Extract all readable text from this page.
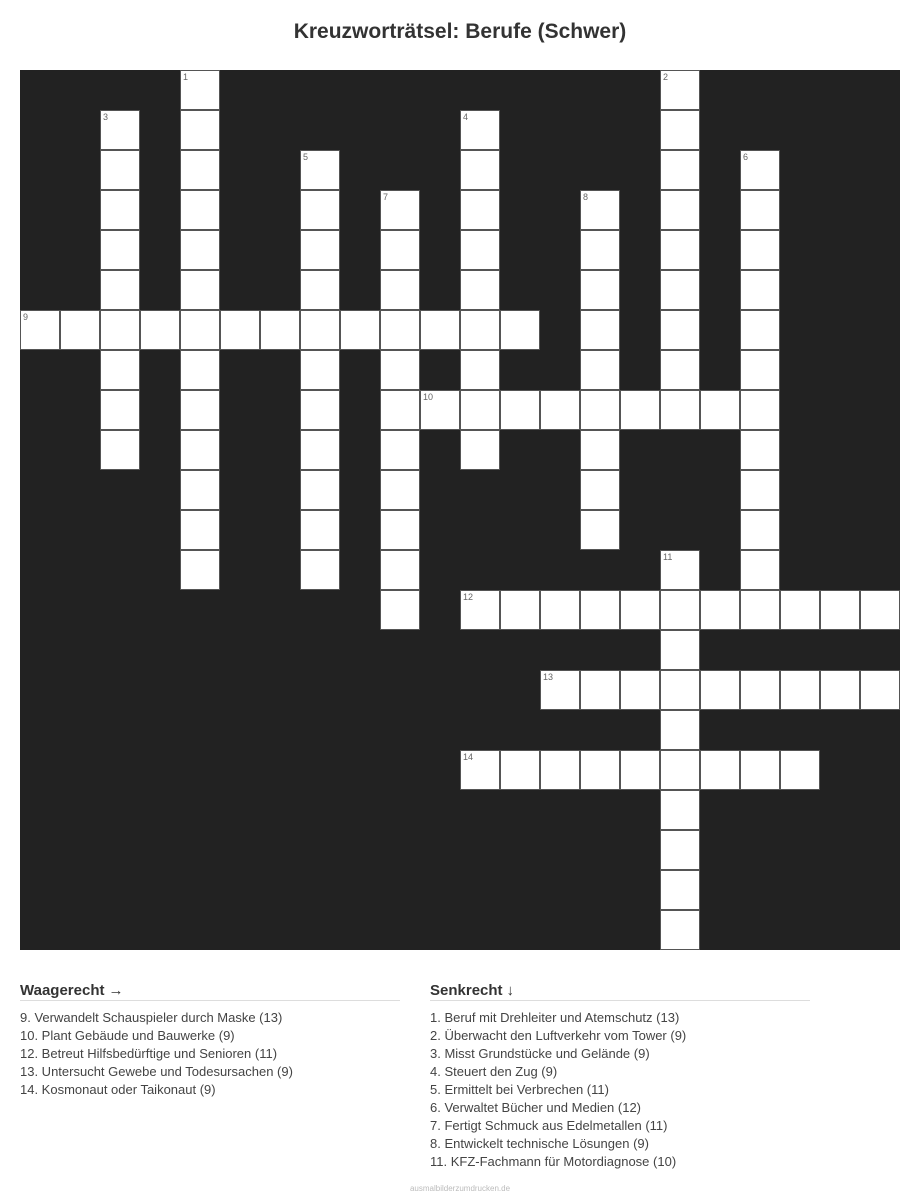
Kreuzworträtsel: Berufe (Schwer)
1	2
3	4
5	6
7	8
9
10
11
12
13
14
Waagerecht →
9. Verwandelt Schauspieler durch Maske (13)
10. Plant Gebäude und Bauwerke (9)
12. Betreut Hilfsbedürftige und Senioren (11)
13. Untersucht Gewebe und Todesursachen (9)
14. Kosmonaut oder Taikonaut (9)
Senkrecht ↓
1. Beruf mit Drehleiter und Atemschutz (13)
2. Überwacht den Luftverkehr vom Tower (9)
3. Misst Grundstücke und Gelände (9)
4. Steuert den Zug (9)
5. Ermittelt bei Verbrechen (11)
6. Verwaltet Bücher und Medien (12)
7. Fertigt Schmuck aus Edelmetallen (11)
8. Entwickelt technische Lösungen (9)
11. KFZ-Fachmann für Motordiagnose (10)
ausmalbilderzumdrucken.de
